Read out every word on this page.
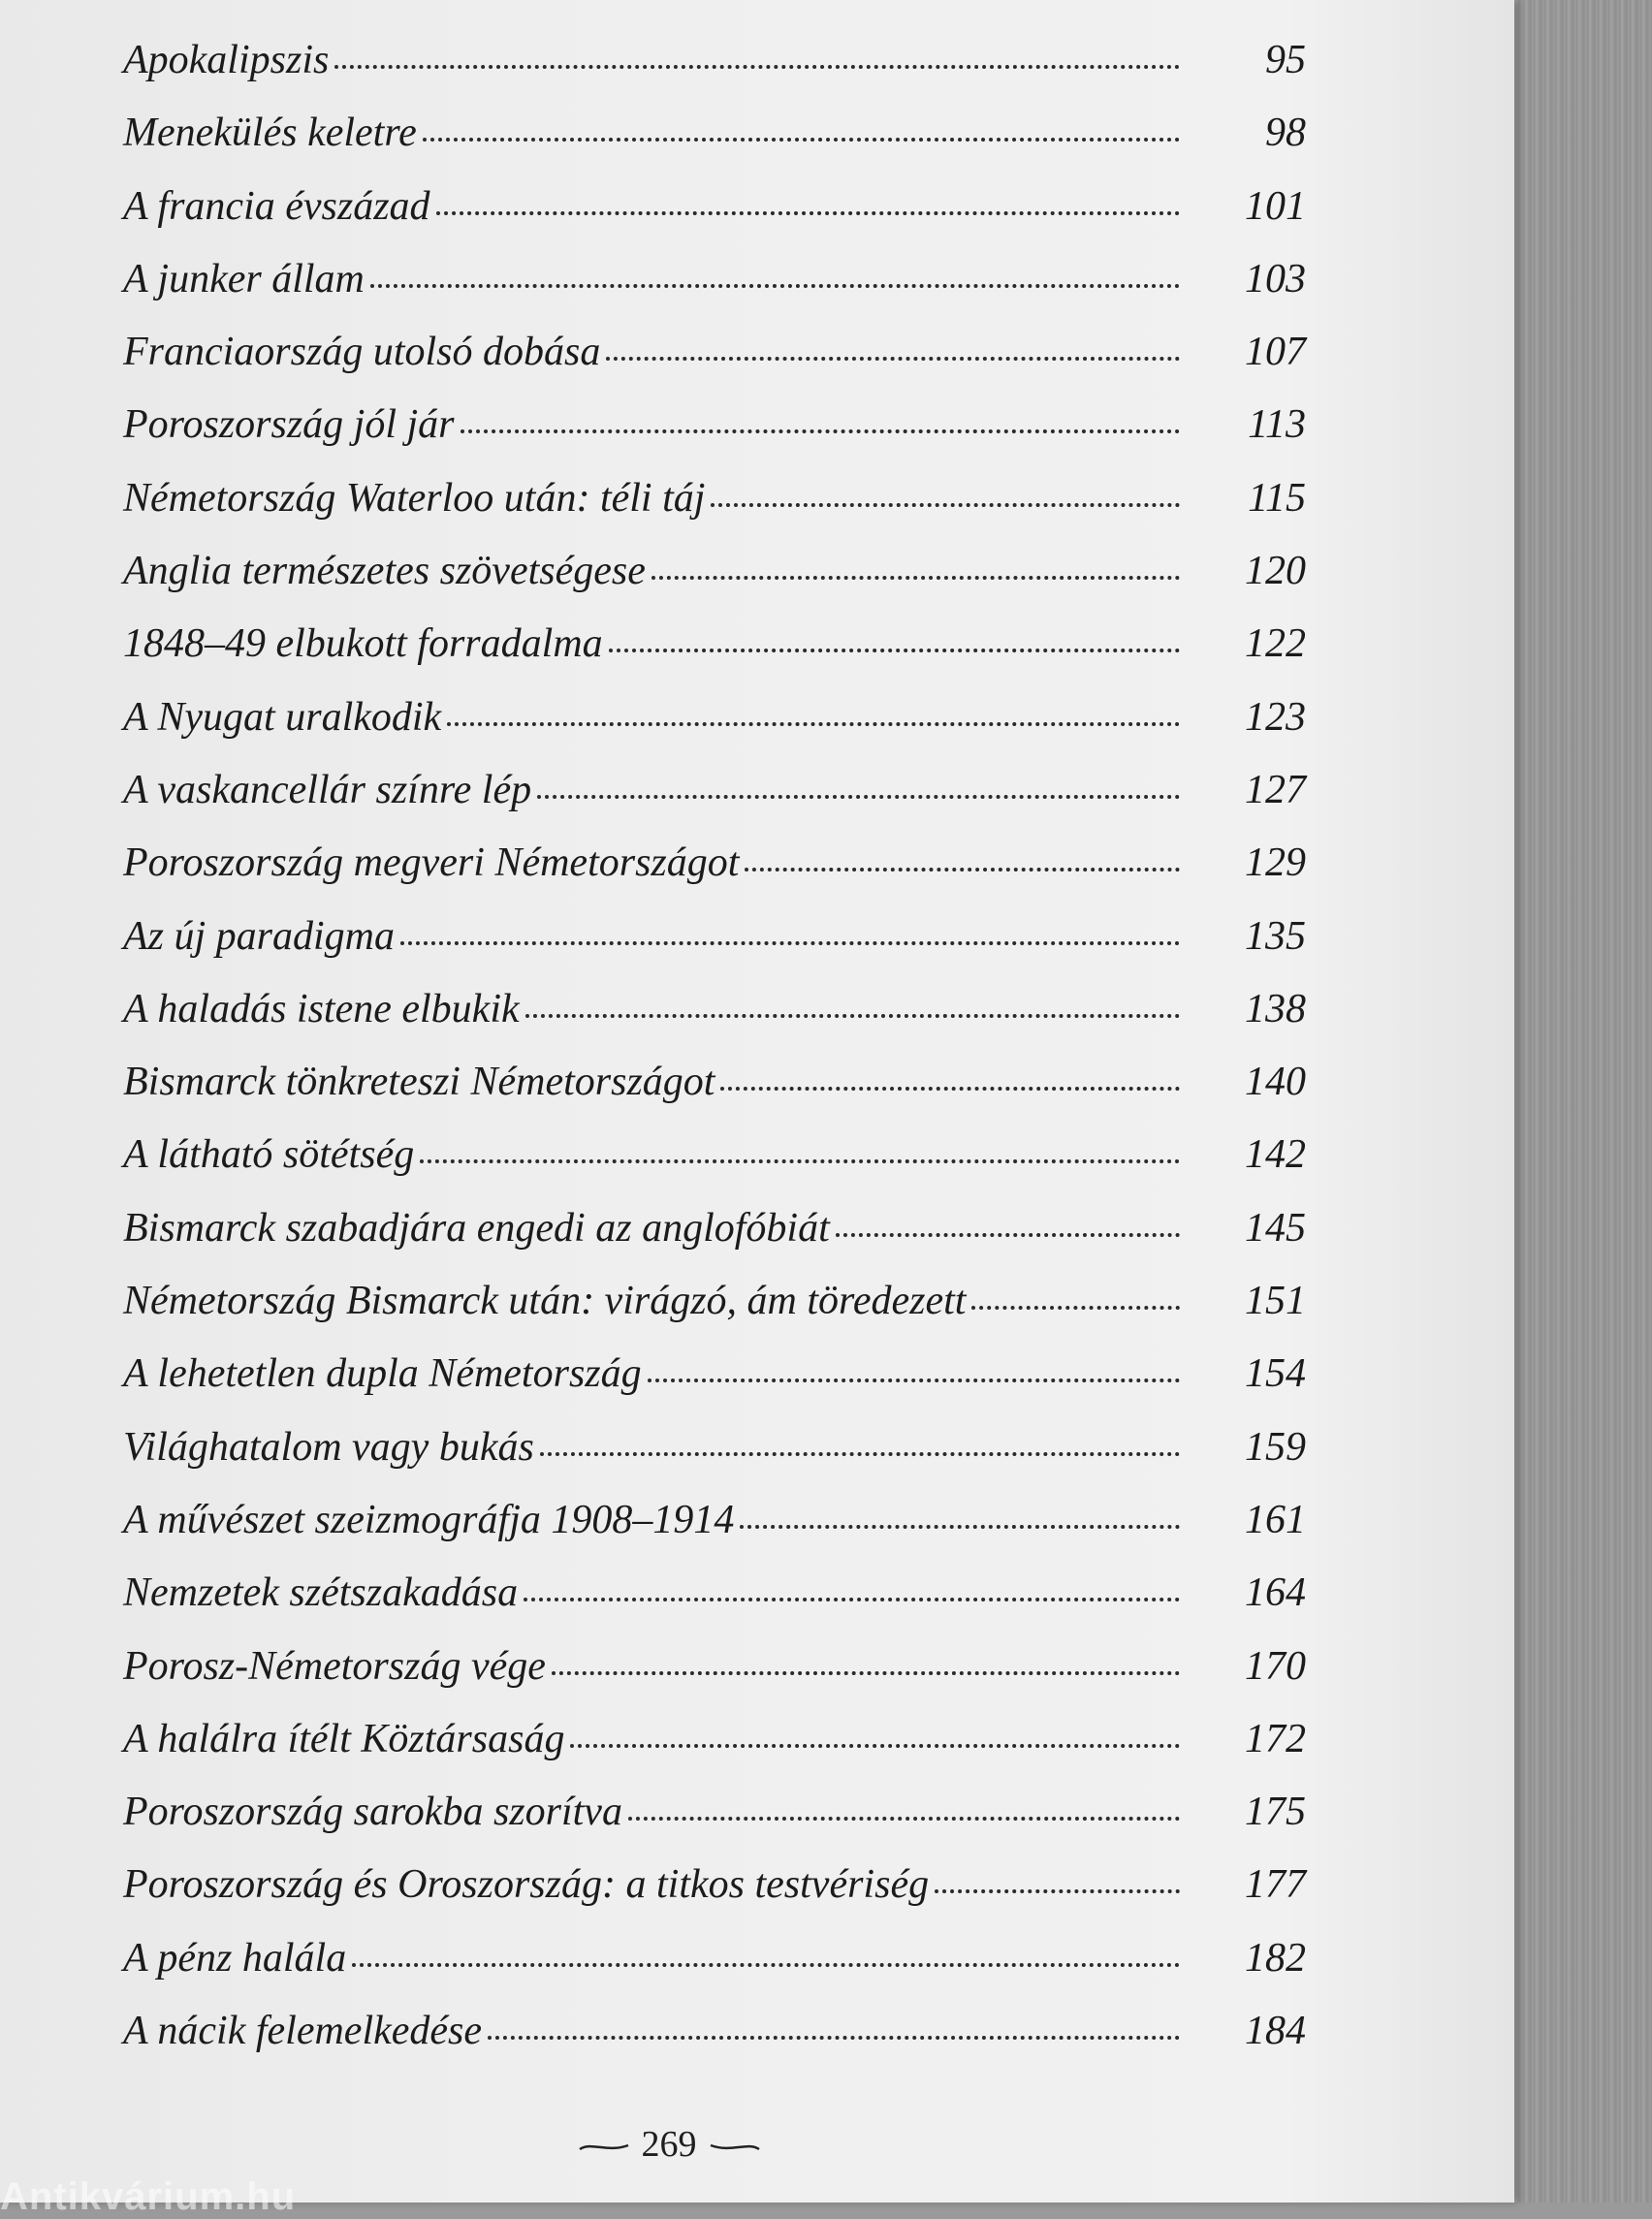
Apokalipszis	95
Menekülés keletre	98
A francia évszázad	101
A junker állam	103
Franciaország utolsó dobása	107
Poroszország jól jár	113
Németország Waterloo után: téli táj	115
Anglia természetes szövetségese	120
1848–49 elbukott forradalma	122
A Nyugat uralkodik	123
A vaskancellár színre lép	127
Poroszország megveri Németországot	129
Az új paradigma	135
A haladás istene elbukik	138
Bismarck tönkreteszi Németországot	140
A látható sötétség	142
Bismarck szabadjára engedi az anglofóbiát	145
Németország Bismarck után: virágzó, ám töredezett	151
A lehetetlen dupla Németország	154
Világhatalom vagy bukás	159
A művészet szeizmográfja 1908–1914	161
Nemzetek szétszakadása	164
Porosz-Németország vége	170
A halálra ítélt Köztársaság	172
Poroszország sarokba szorítva	175
Poroszország és Oroszország: a titkos testvériség	177
A pénz halála	182
A nácik felemelkedése	184
269
Antikvárium.hu
